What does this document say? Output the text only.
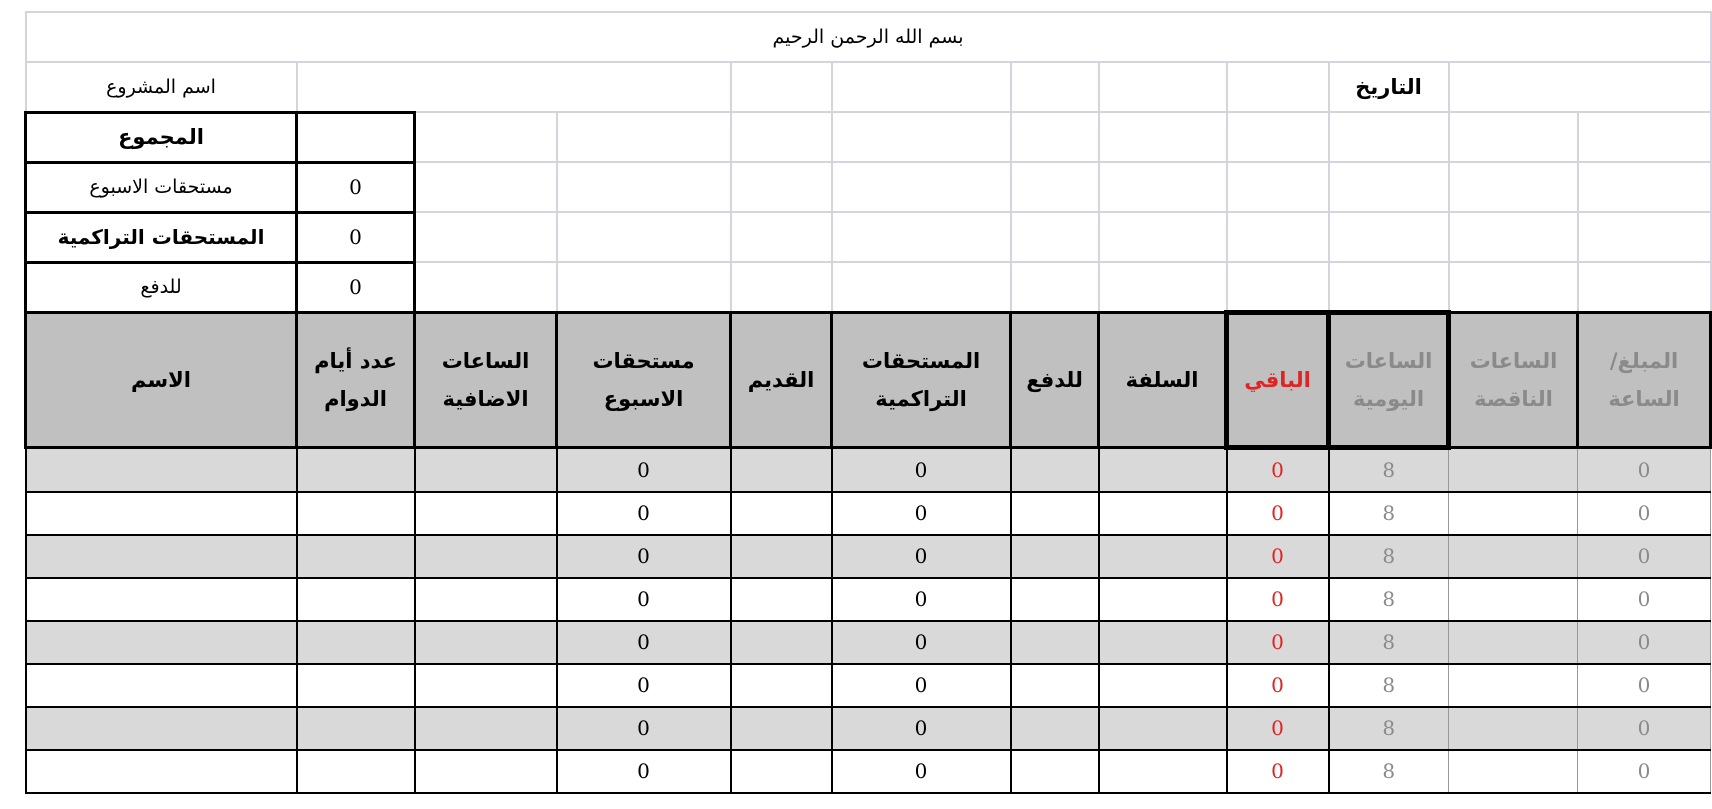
بسم الله الرحمن الرحيم											
		التاريخ									اسم المشروع
											المجموع
										0	مستحقات الاسبوع
										0	المستحقات التراكمية
										0	للدفع
المبلغ/ الساعة	الساعات الناقصة	الساعات اليومية	الباقي	السلفة	للدفع	المستحقات التراكمية	القديم	مستحقات الاسبوع	الساعات الاضافية	عدد أيام الدوام	الاسم
0		8	0			0		0			
0		8	0			0		0			
0		8	0			0		0			
0		8	0			0		0			
0		8	0			0		0			
0		8	0			0		0			
0		8	0			0		0			
0		8	0			0		0			
